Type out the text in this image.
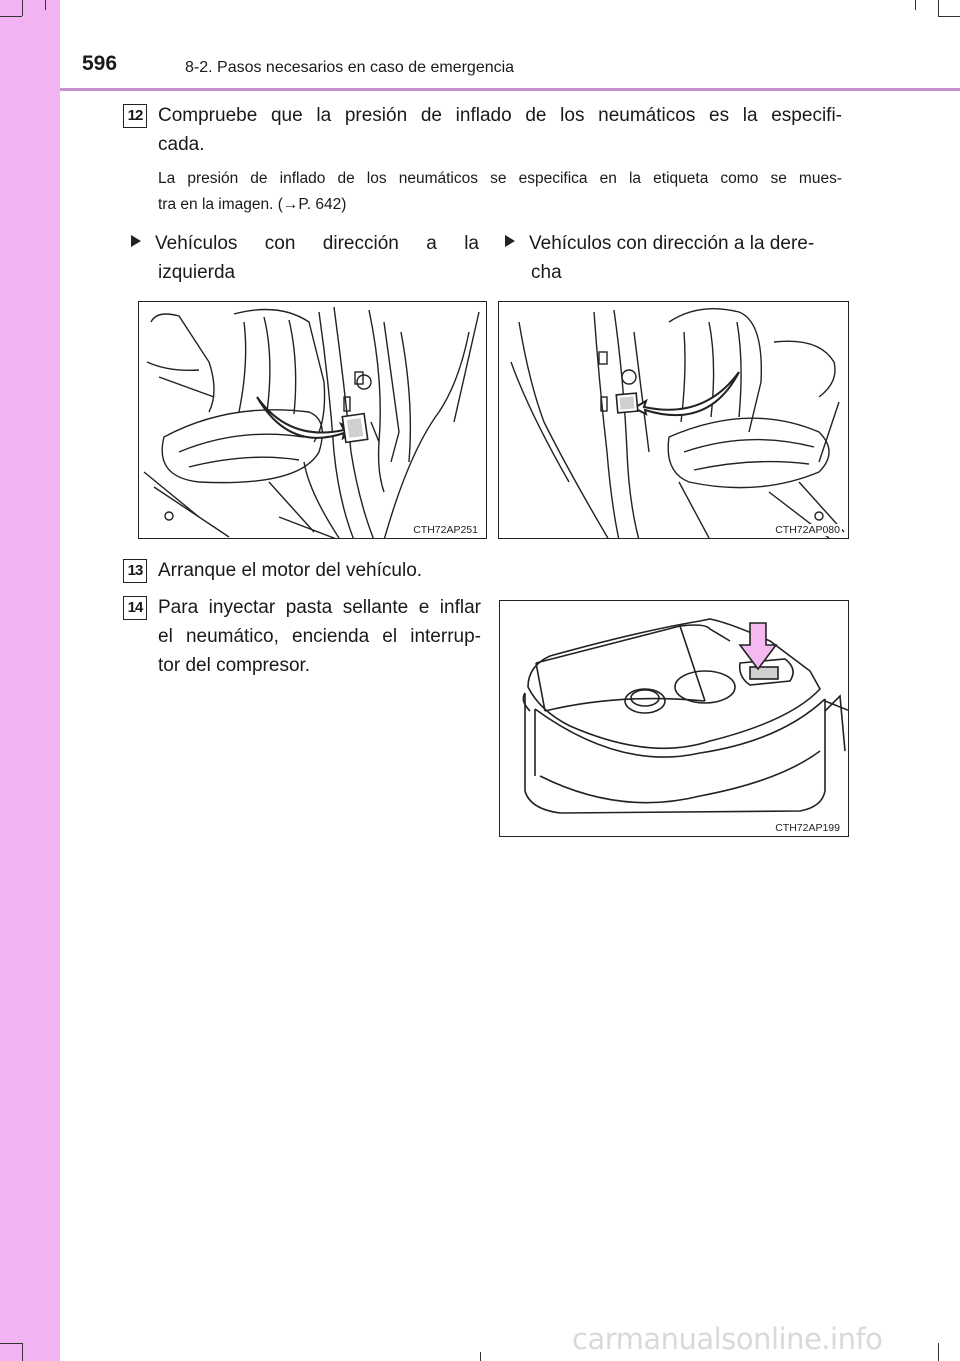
596	8-2. Pasos necesarios en caso de emergencia
12 Compruebe que la presión de inflado de los neumáticos es la especifi-
cada.
La presión de inflado de los neumáticos se especifica en la etiqueta como se mues-
tra en la imagen. (→P. 642)
Vehículos con dirección a la
izquierda
Vehículos con dirección a la dere-
cha
CTH72AP251	CTH72AP080
13 Arranque el motor del vehículo.
14 Para inyectar pasta sellante e inflar
el neumático, encienda el interrup-
tor del compresor.
CTH72AP199
carmanualsonline.info
